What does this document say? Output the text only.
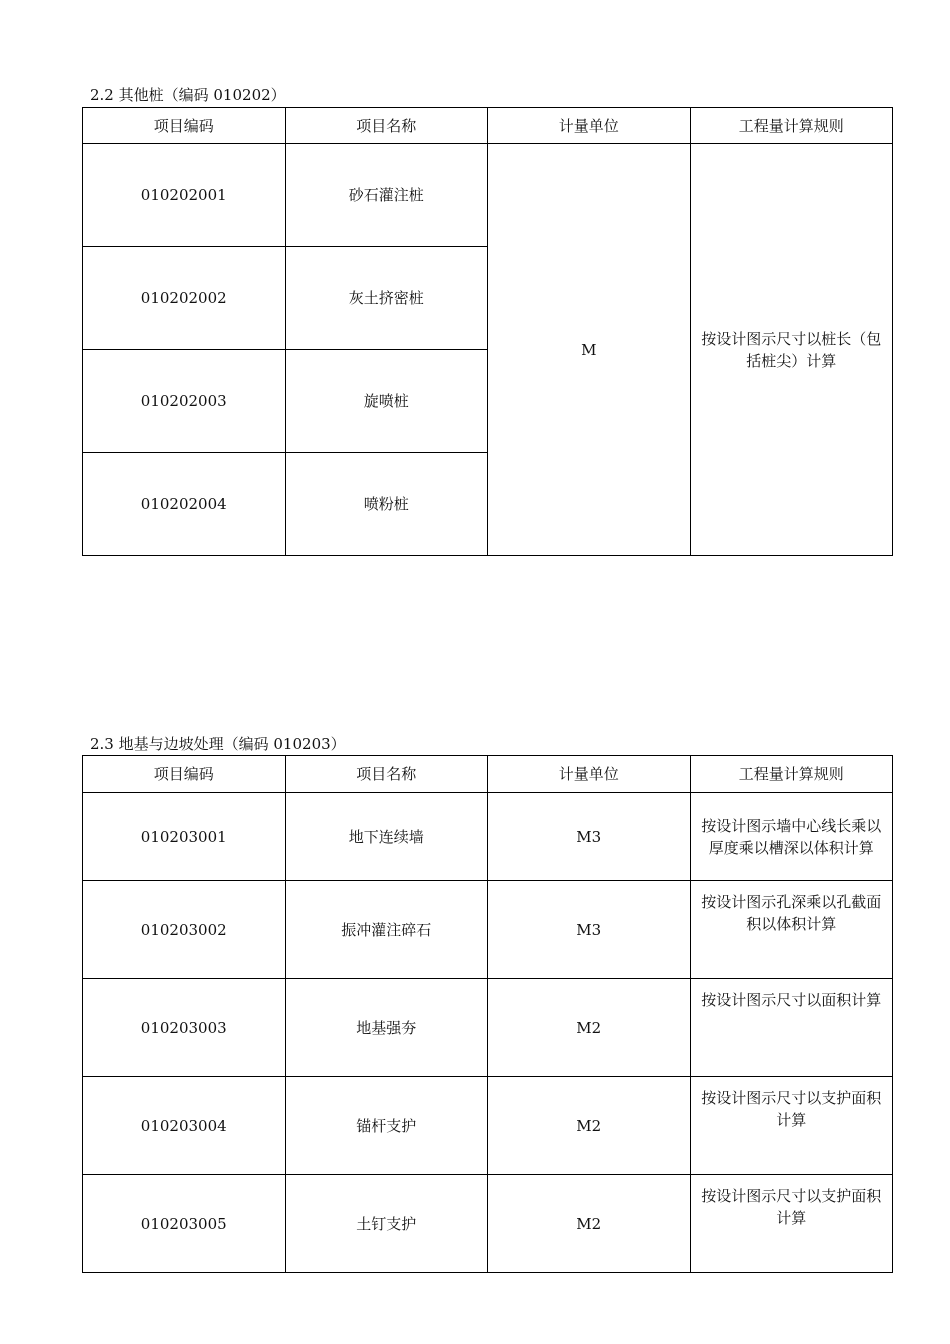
2.2 其他桩（编码 010202）
项目编码	项目名称	计量单位	工程量计算规则
010202001	砂石灌注桩	M	按设计图示尺寸以桩长（包括桩尖）计算

010202002	灰土挤密桩		
010202003	旋喷桩		
010202004	喷粉桩		
2.3 地基与边坡处理（编码 010203）
项目编码	项目名称	计量单位	工程量计算规则
010203001	地下连续墙	M3	按设计图示墙中心线长乘以厚度乘以槽深以体积计算

010203002	振冲灌注碎石	M3	按设计图示孔深乘以孔截面积以体积计算

010203003	地基强夯	M2	按设计图示尺寸以面积计算

010203004	锚杆支护	M2	按设计图示尺寸以支护面积计算

010203005	土钉支护	M2	按设计图示尺寸以支护面积计算
